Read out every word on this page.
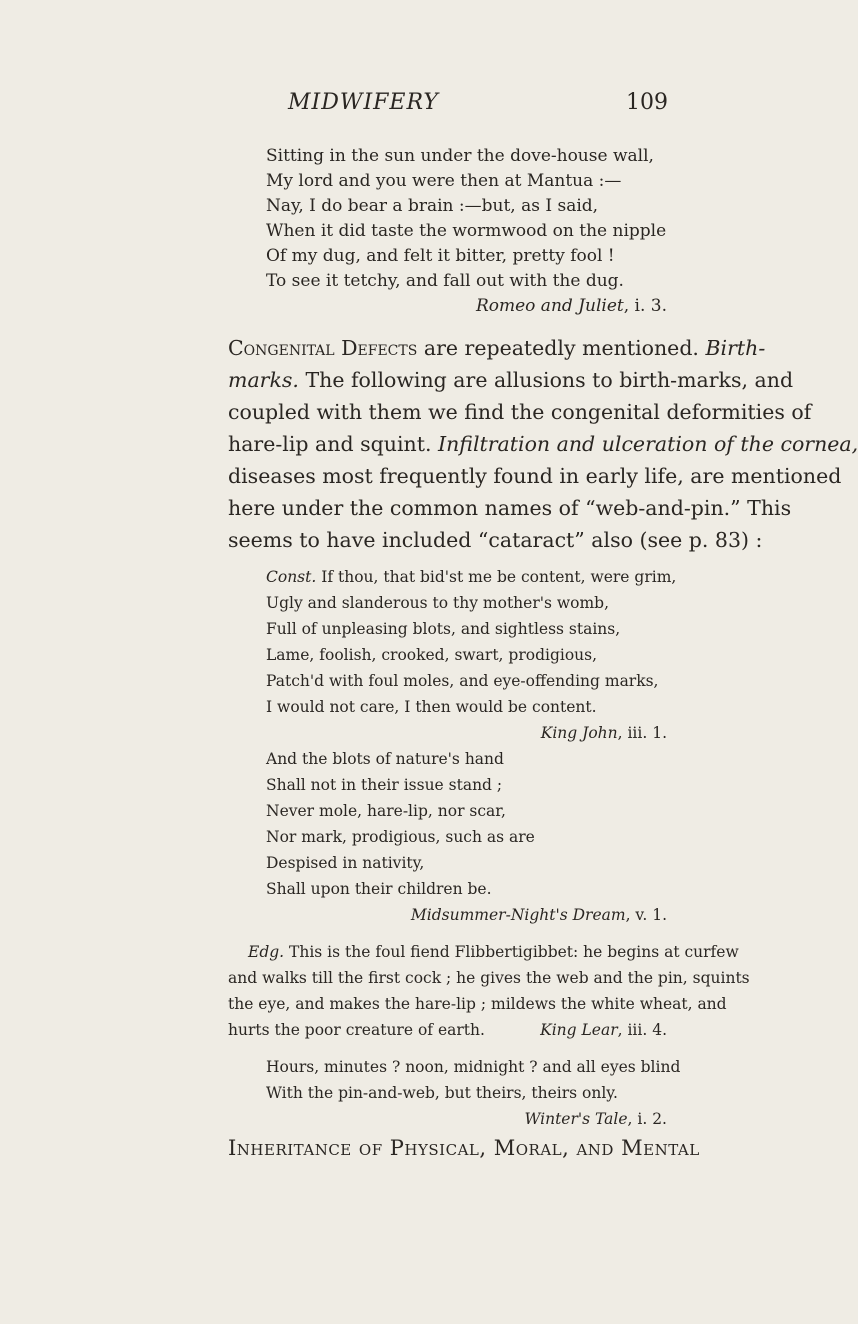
MIDWIFERY	109
Sitting in the sun under the dove-house wall,
My lord and you were then at Mantua :—
Nay, I do bear a brain :—but, as I said,
When it did taste the wormwood on the nipple
Of my dug, and felt it bitter, pretty fool !
To see it tetchy, and fall out with the dug.
Romeo and Juliet, i. 3.
Congenital Defects are repeatedly mentioned. Birth-
marks. The following are allusions to birth-marks, and
coupled with them we find the congenital deformities of
hare-lip and squint. Infiltration and ulceration of the cornea,
diseases most frequently found in early life, are mentioned
here under the common names of “web-and-pin.” This
seems to have included “cataract” also (see p. 83) :
Const. If thou, that bid'st me be content, were grim,
Ugly and slanderous to thy mother's womb,
Full of unpleasing blots, and sightless stains,
Lame, foolish, crooked, swart, prodigious,
Patch'd with foul moles, and eye-offending marks,
I would not care, I then would be content.
King John, iii. 1.
And the blots of nature's hand
Shall not in their issue stand ;
Never mole, hare-lip, nor scar,
Nor mark, prodigious, such as are
Despised in nativity,
Shall upon their children be.
Midsummer-Night's Dream, v. 1.
Edg. This is the foul fiend Flibbertigibbet: he begins at curfew
and walks till the first cock ; he gives the web and the pin, squints
the eye, and makes the hare-lip ; mildews the white wheat, and
hurts the poor creature of earth.	King Lear, iii. 4.
Hours, minutes ? noon, midnight ? and all eyes blind
With the pin-and-web, but theirs, theirs only.
Winter's Tale, i. 2.
Inheritance of Physical, Moral, and Mental
